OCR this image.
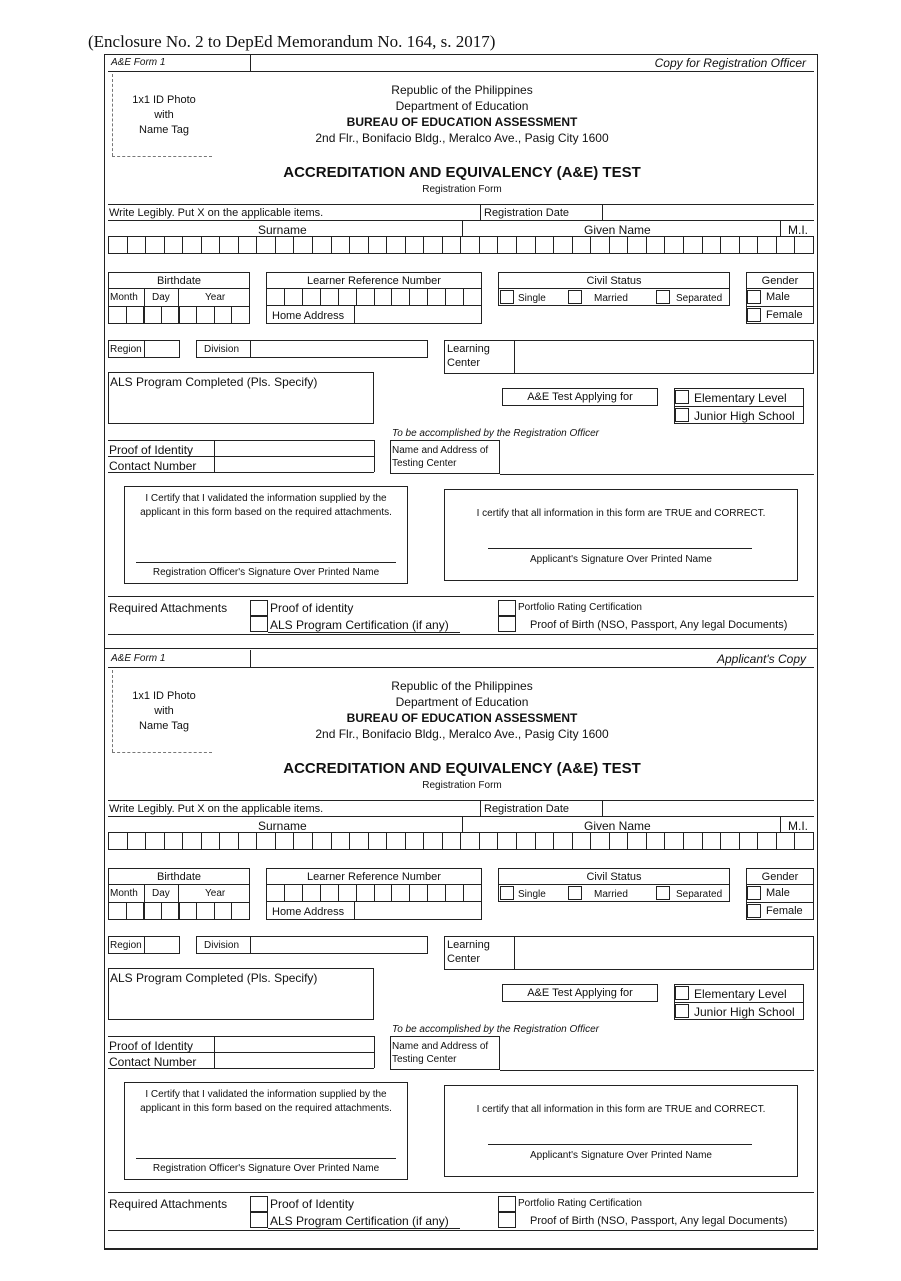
(Enclosure No. 2 to DepEd Memorandum No. 164, s. 2017)
A&E Form 1	Copy for Registration Officer
1x1 ID Photo
with
Name Tag
Republic of the Philippines
Department of Education
BUREAU OF EDUCATION ASSESSMENT
2nd Flr., Bonifacio Bldg., Meralco Ave., Pasig City 1600
ACCREDITATION AND EQUIVALENCY (A&E) TEST
Registration Form
Write Legibly. Put X on the applicable items.	Registration Date
Surname	Given Name	M.I.
Birthdate
Month Day	Year
Learner Reference Number
Home Address
Civil Status
Single	Married	Separated
Gender
Male
Female
Region	Division	Learning
Center
ALS Program Completed (Pls. Specify)
A&E Test Applying for	Elementary Level
Junior High School
To be accomplished by the Registration Officer
Proof of Identity
Contact Number
Name and Address of
Testing Center
I Certify that I validated the information supplied by the applicant in this form based on the required attachments.
Registration Officer's Signature Over Printed Name
I certify that all information in this form are TRUE and CORRECT.
Applicant's Signature Over Printed Name
Required Attachments	Proof of identity
ALS Program Certification (if any)
Portfolio Rating Certification
Proof of Birth (NSO, Passport, Any legal Documents)
A&E Form 1	Applicant's Copy
1x1 ID Photo
with
Name Tag
Republic of the Philippines
Department of Education
BUREAU OF EDUCATION ASSESSMENT
2nd Flr., Bonifacio Bldg., Meralco Ave., Pasig City 1600
ACCREDITATION AND EQUIVALENCY (A&E) TEST
Registration Form
Write Legibly. Put X on the applicable items.	Registration Date
Surname	Given Name	M.I.
Birthdate
Month Day	Year
Learner Reference Number
Home Address
Civil Status
Single	Married	Separated
Gender
Male
Female
Region	Division	Learning
Center
ALS Program Completed (Pls. Specify)
A&E Test Applying for	Elementary Level
Junior High School
To be accomplished by the Registration Officer
Proof of Identity
Contact Number
Name and Address of
Testing Center
I Certify that I validated the information supplied by the applicant in this form based on the required attachments.
Registration Officer's Signature Over Printed Name
I certify that all information in this form are TRUE and CORRECT.
Applicant's Signature Over Printed Name
Required Attachments	Proof of Identity
ALS Program Certification (if any)
Portfolio Rating Certification
Proof of Birth (NSO, Passport, Any legal Documents)
